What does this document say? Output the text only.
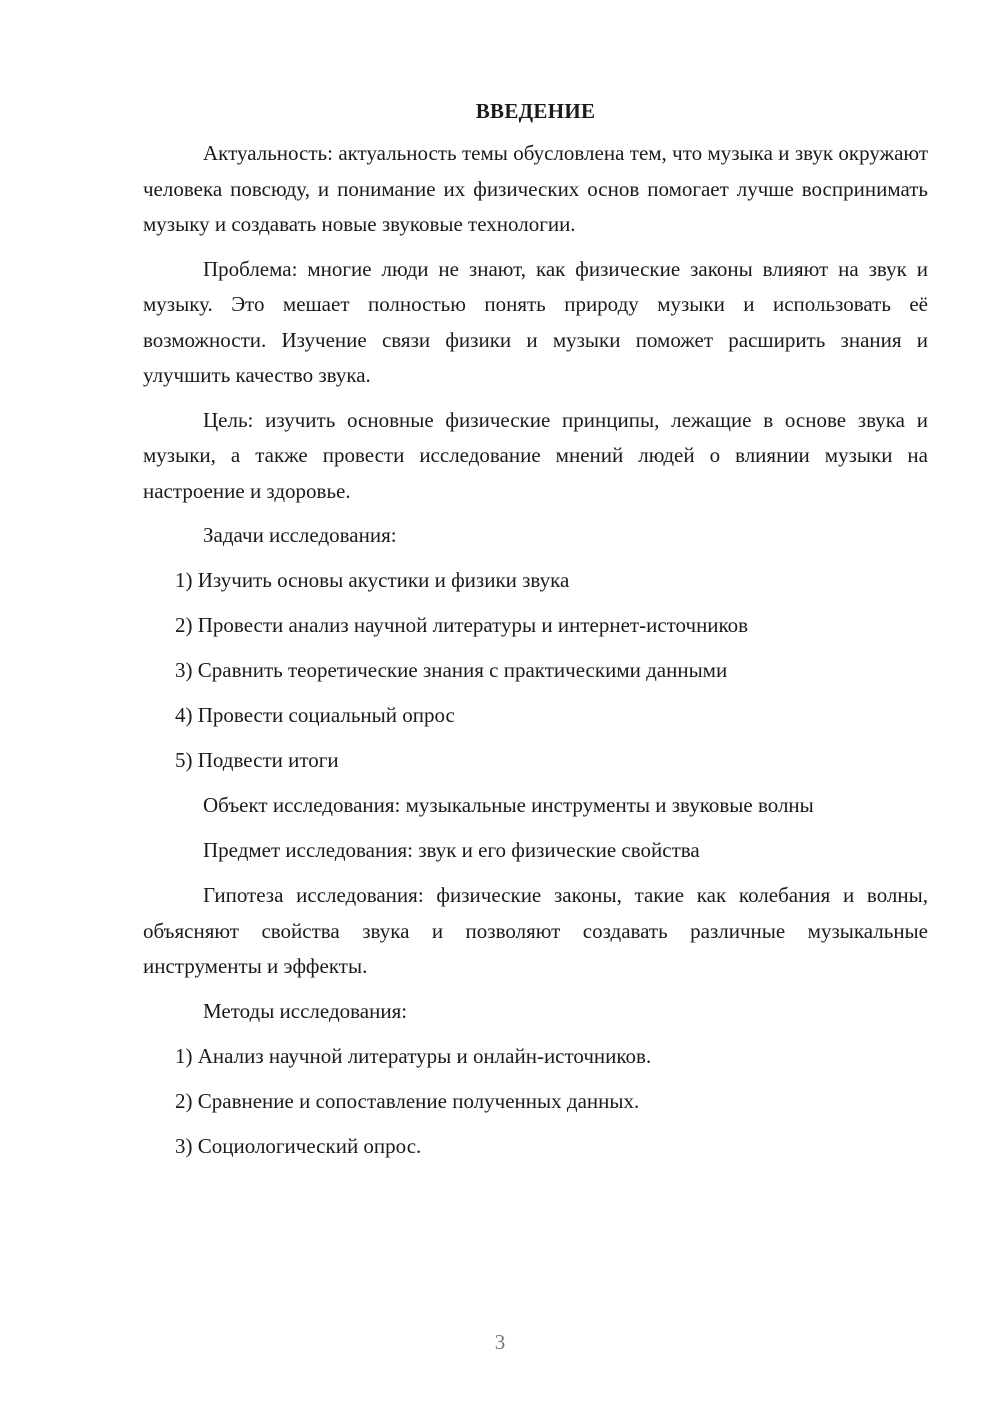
ВВЕДЕНИЕ

Актуальность: актуальность темы обусловлена тем, что музыка и звук окружают человека повсюду, и понимание их физических основ помогает лучше воспринимать музыку и создавать новые звуковые технологии.

Проблема: многие люди не знают, как физические законы влияют на звук и музыку. Это мешает полностью понять природу музыки и использовать её возможности. Изучение связи физики и музыки поможет расширить знания и улучшить качество звука.

Цель: изучить основные физические принципы, лежащие в основе звука и музыки, а также провести исследование мнений людей о влиянии музыки на настроение и здоровье.

Задачи исследования:
1) Изучить основы акустики и физики звука
2) Провести анализ научной литературы и интернет-источников
3) Сравнить теоретические знания с практическими данными
4) Провести социальный опрос
5) Подвести итоги
Объект исследования: музыкальные инструменты и звуковые волны
Предмет исследования: звук и его физические свойства

Гипотеза исследования: физические законы, такие как колебания и волны, объясняют свойства звука и позволяют создавать различные музыкальные инструменты и эффекты.

Методы исследования:
1) Анализ научной литературы и онлайн-источников.
2) Сравнение и сопоставление полученных данных.
3) Социологический опрос.
3
